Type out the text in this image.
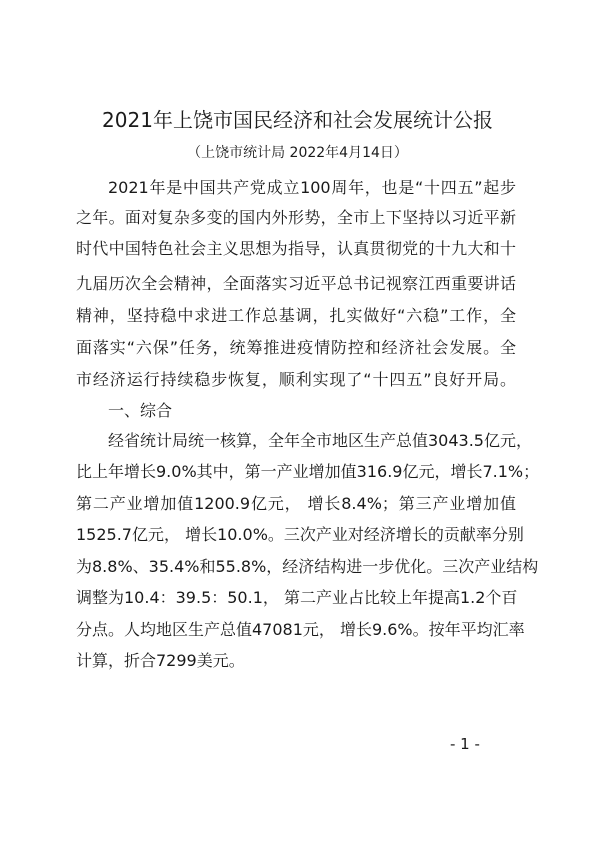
2021年上饶市国民经济和社会发展统计公报
（上饶市统计局 2022年4月14日）
2021年是中国共产党成立100周年，也是“十四五”起步
之年。面对复杂多变的国内外形势，全市上下坚持以习近平新
时代中国特色社会主义思想为指导，认真贯彻党的十九大和十
九届历次全会精神，全面落实习近平总书记视察江西重要讲话
精神，坚持稳中求进工作总基调，扎实做好“六稳”工作，全
面落实“六保”任务，统筹推进疫情防控和经济社会发展。全
市经济运行持续稳步恢复，顺利实现了“十四五”良好开局。
一、综合
经省统计局统一核算，全年全市地区生产总值3043.5亿元，
比上年增长9.0%其中，第一产业增加值316.9亿元，增长7.1%；
第二产业增加值1200.9亿元， 增长8.4%；第三产业增加值
1525.7亿元， 增长10.0%。三次产业对经济增长的贡献率分别
为8.8%、35.4%和55.8%，经济结构进一步优化。三次产业结构
调整为10.4：39.5：50.1， 第二产业占比较上年提高1.2个百
分点。人均地区生产总值47081元， 增长9.6%。按年平均汇率
计算，折合7299美元。
- 1 -
